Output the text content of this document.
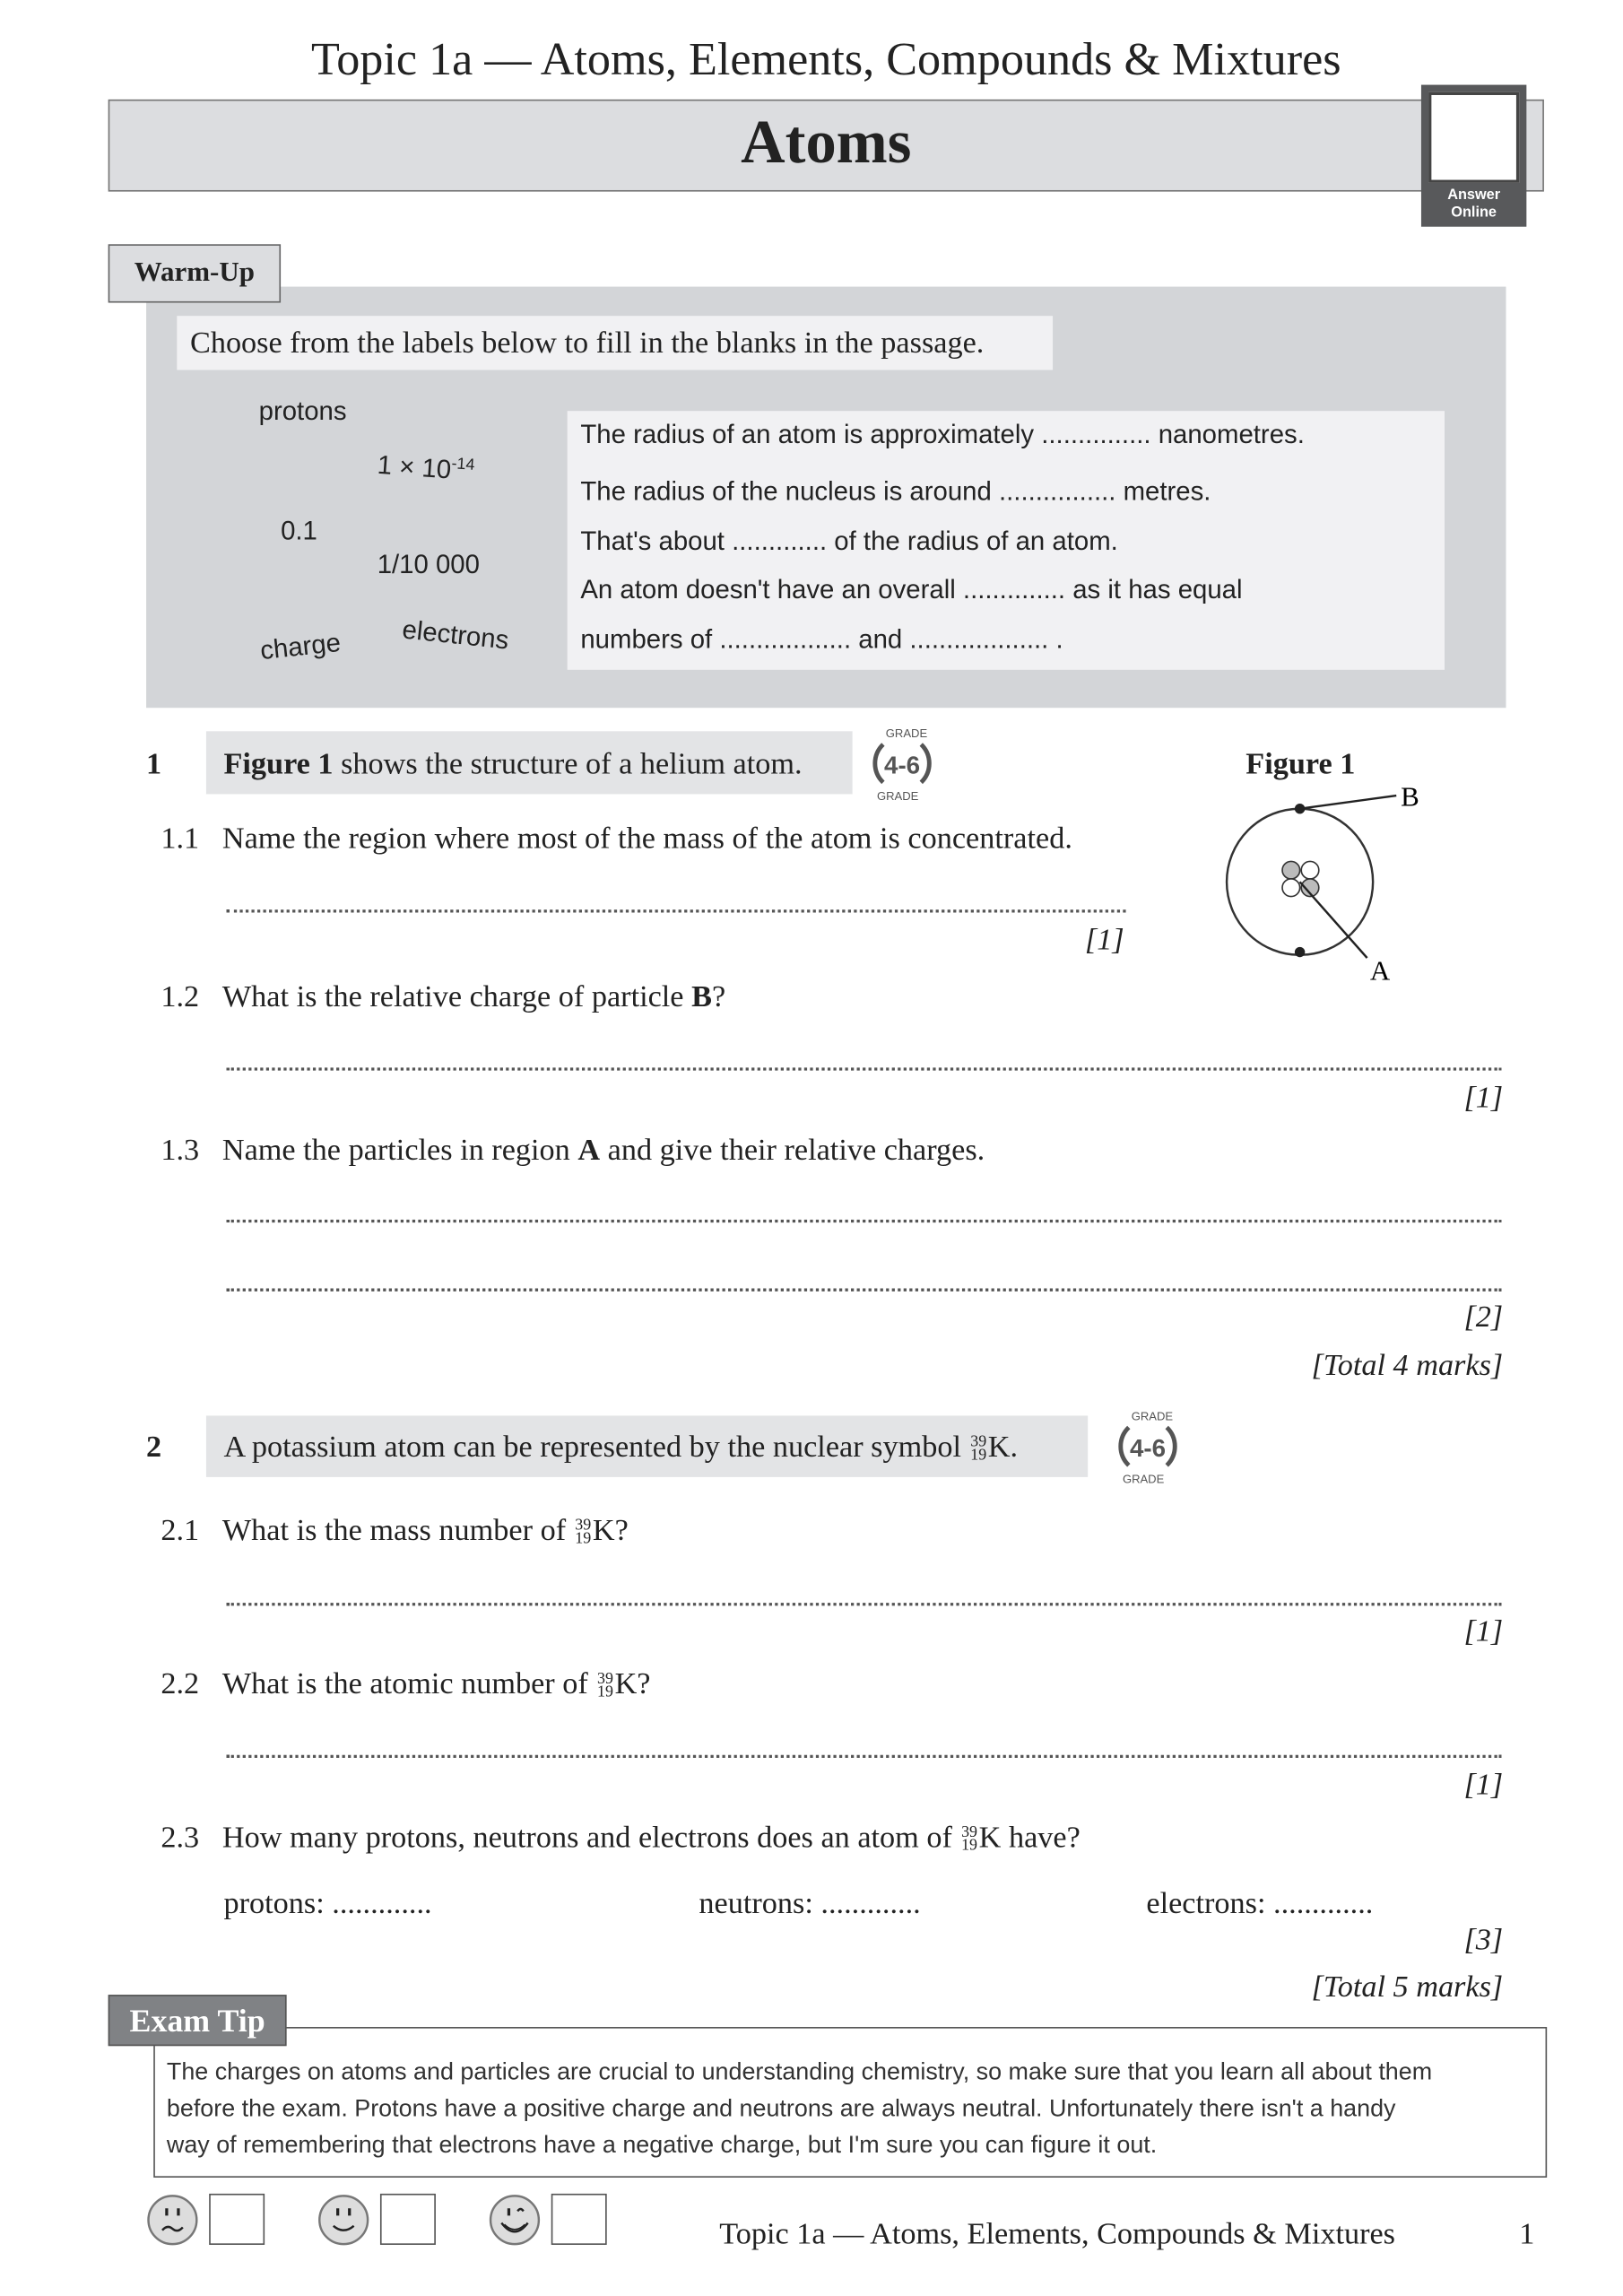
Topic 1a — Atoms, Elements, Compounds & Mixtures
Atoms
Answer
Online
Warm-Up
Choose from the labels below to fill in the blanks in the passage.
protons
$1 \times 10^{-14}$
0.1
1/10 000
charge	electrons
The radius of an atom is approximately ............... nanometres.
The radius of the nucleus is around ................ metres.
That's about ............. of the radius of an atom.
An atom doesn't have an overall .............. as it has equal
numbers of .................. and ................... .
1	Figure 1 shows the structure of a helium atom.	4-6
GRADE
GRADE
Figure 1
B
A
1.1 Name the region where most of the mass of the atom is concentrated.
[1]
1.2 What is the relative charge of particle B?
[1]
1.3 Name the particles in region A and give their relative charges.
[2]
[Total 4 marks]
2	A potassium atom can be represented by the nuclear symbol 39
19 K.	4-6
GRADE
GRADE
2.1 What is the mass number of 39
19 K?
[1]
2.2 What is the atomic number of 39
19 K?
[1]
2.3 How many protons, neutrons and electrons does an atom of 39
19 K have?
protons: .............	neutrons: .............	electrons: .............
[3]
[Total 5 marks]
Exam Tip
The charges on atoms and particles are crucial to understanding chemistry, so make sure that you learn all about them
before the exam. Protons have a positive charge and neutrons are always neutral. Unfortunately there isn't a handy
way of remembering that electrons have a negative charge, but I'm sure you can figure it out.
Topic 1a — Atoms, Elements, Compounds & Mixtures	1
